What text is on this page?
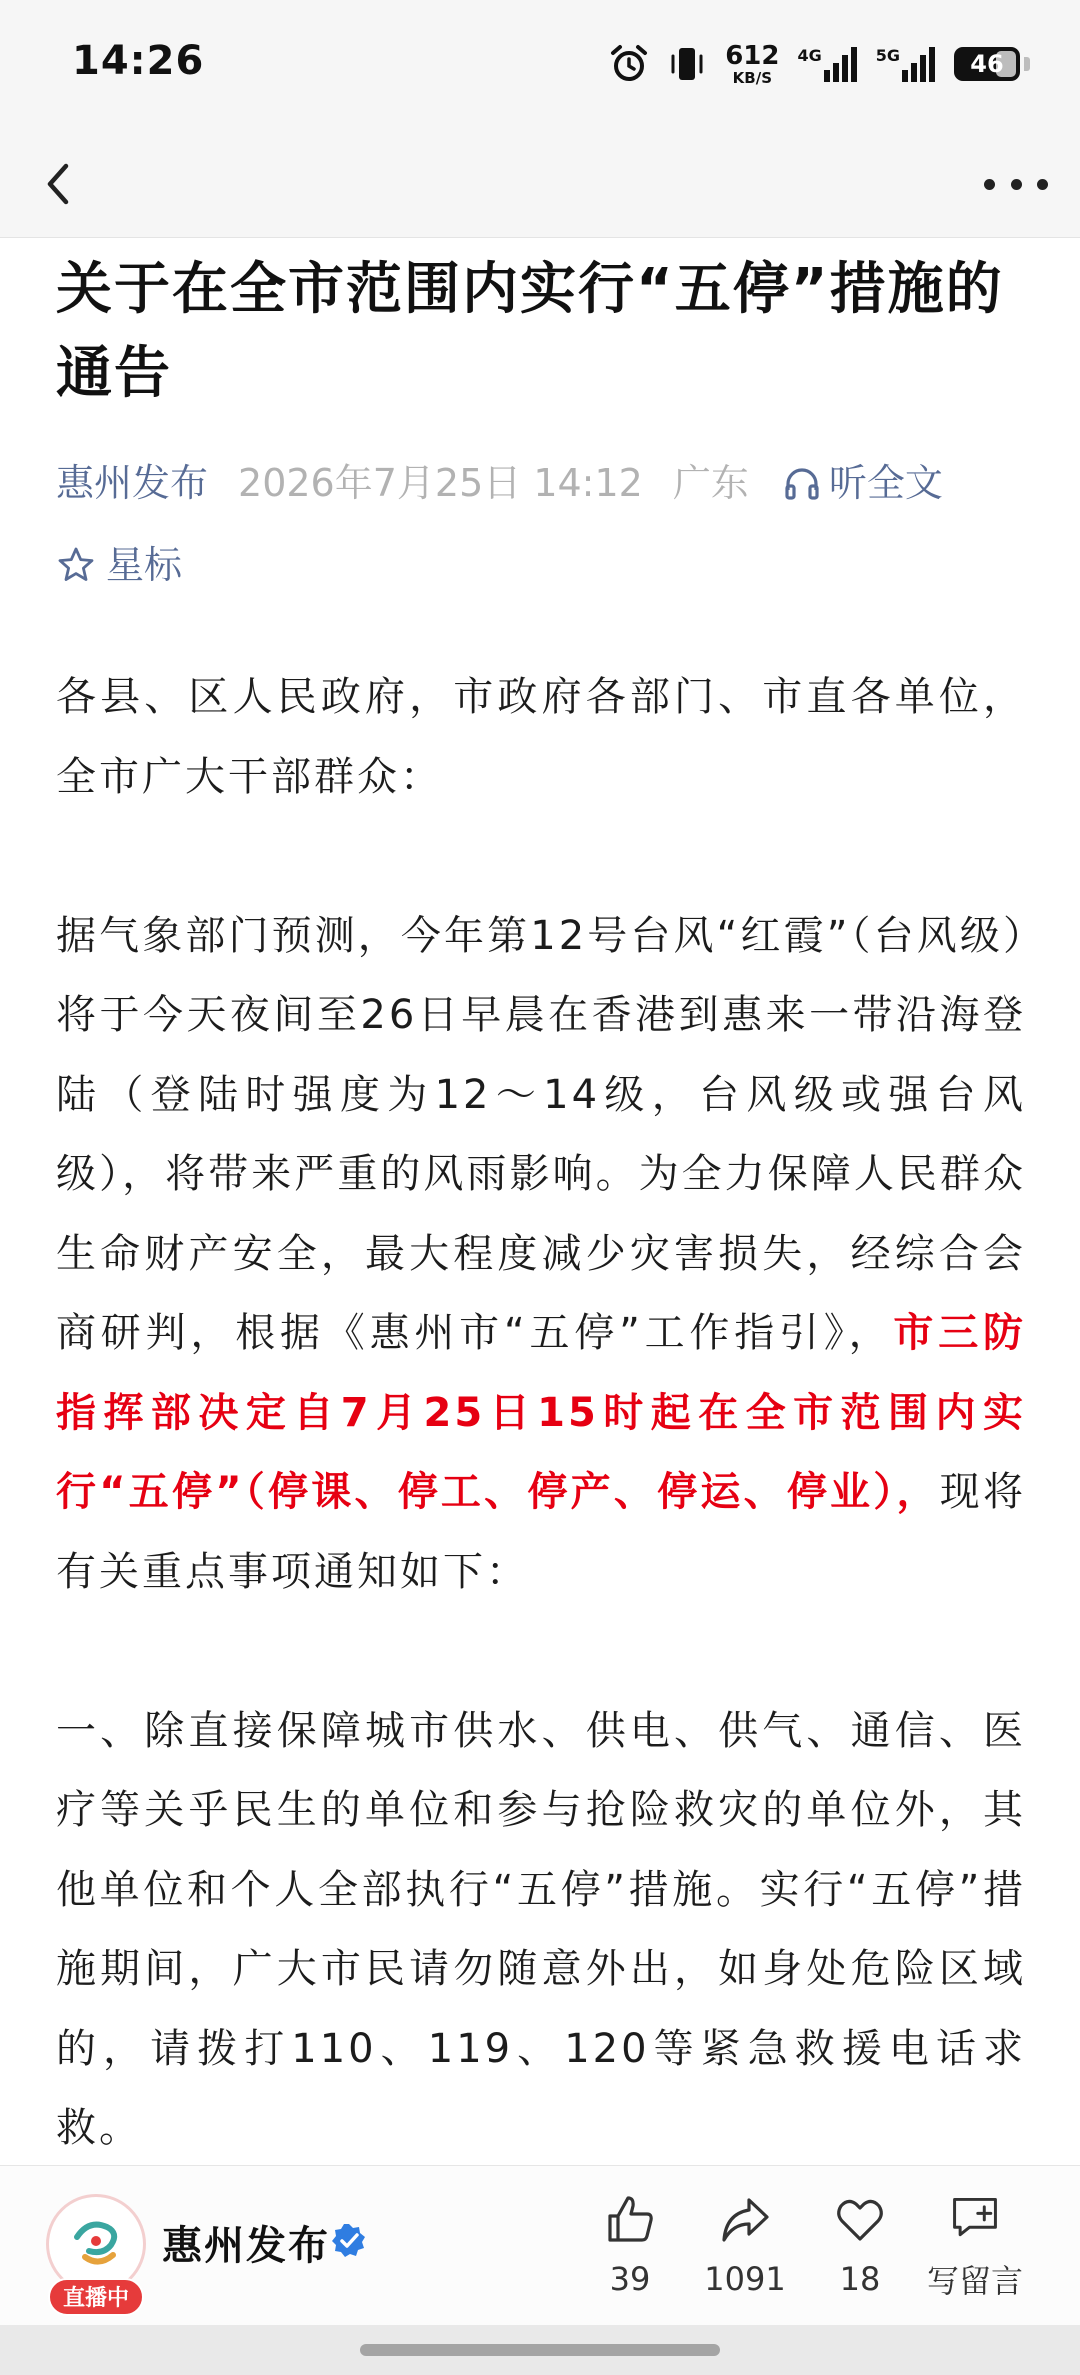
14:26	612
KB/S
4G	5G	46
关于在全市范围内实行“五停”措施的通告
惠州发布 2026年7月25日 14:12 广东 听全文
星标

各县、区人民政府，市政府各部门、市直各单位，全市广大干部群众：

据气象部门预测，今年第12号台风“红霞”（台风级）将于今天夜间至26日早晨在香港到惠来一带沿海登陆（登陆时强度为12～14级，台风级或强台风级），将带来严重的风雨影响。为全力保障人民群众生命财产安全，最大程度减少灾害损失，经综合会商研判，根据《惠州市“五停”工作指引》，市三防指挥部决定自7月25日15时起在全市范围内实行“五停”（停课、停工、停产、停运、停业），现将有关重点事项通知如下：

一、除直接保障城市供水、供电、供气、通信、医疗等关乎民生的单位和参与抢险救灾的单位外，其他单位和个人全部执行“五停”措施。实行“五停”措施期间，广大市民请勿随意外出，如身处危险区域的，请拨打110、119、120等紧急救援电话求救。

直播中
惠州发布
39 1091 18 写留言
